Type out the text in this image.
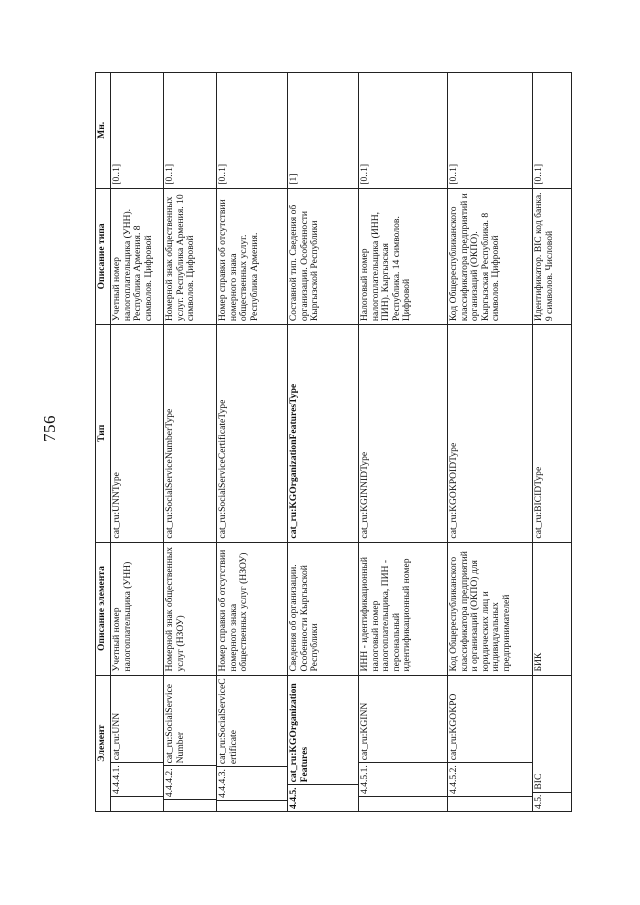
756
Элемент	Описание элемента	Тип	Описание типа	Мн.

4.4.4.1.
cat_ru:UNN	Учетный номер налогоплательщика (УНН)	cat_ru:UNNType	Учетный номер налогоплательщика (УНН). Республика Армения. 8 символов. Цифровой	[0..1]

4.4.4.2.
cat_ru:SocialServiceNumber	Номерной знак общественных услуг (НЗОУ)	cat_ru:SocialServiceNumberType	Номерной знак общественных услуг. Республика Армения. 10 символов. Цифровой	[0..1]

4.4.4.3.
cat_ru:SocialServiceCertificate	Номер справки об отсутствии номерного знака общественных услуг (НЗОУ)	cat_ru:SocialServiceCertificateType	Номер справки об отсутствии номерного знака общественных услуг. Республика Армения.	[0..1]

4.4.5.
cat_ru:KGOrganizationFeatures	Сведения об организации. Особенности Кыргызской Республики	cat_ru:KGOrganizationFeaturesType	Составной тип. Сведения об организации. Особенности Кыргызской Республики	[1]

4.4.5.1.
cat_ru:KGINN	ИНН - идентификационный налоговый номер налогоплательщика, ПИН - персональный идентификационный номер	cat_ru:KGINNIDType	Налоговый номер налогоплательщика (ИНН, ПИН). Кыргызская Республика. 14 символов. Цифровой	[0..1]

4.4.5.2.
cat_ru:KGOKPO	Код Общереспубликанского классификатора предприятий и организаций (ОКПО) для юридических лиц и индивидуальных предпринимателей	cat_ru:KGOKPOIDType	Код Общереспубликанского классификатора предприятий и организаций (ОКПО). Кыргызская Республика. 8 символов. Цифровой	[0..1]

4.5.
BIC	БИК	cat_ru:BICIDType	Идентификатор. BIC код банка. 9 символов. Числовой	[0..1]
